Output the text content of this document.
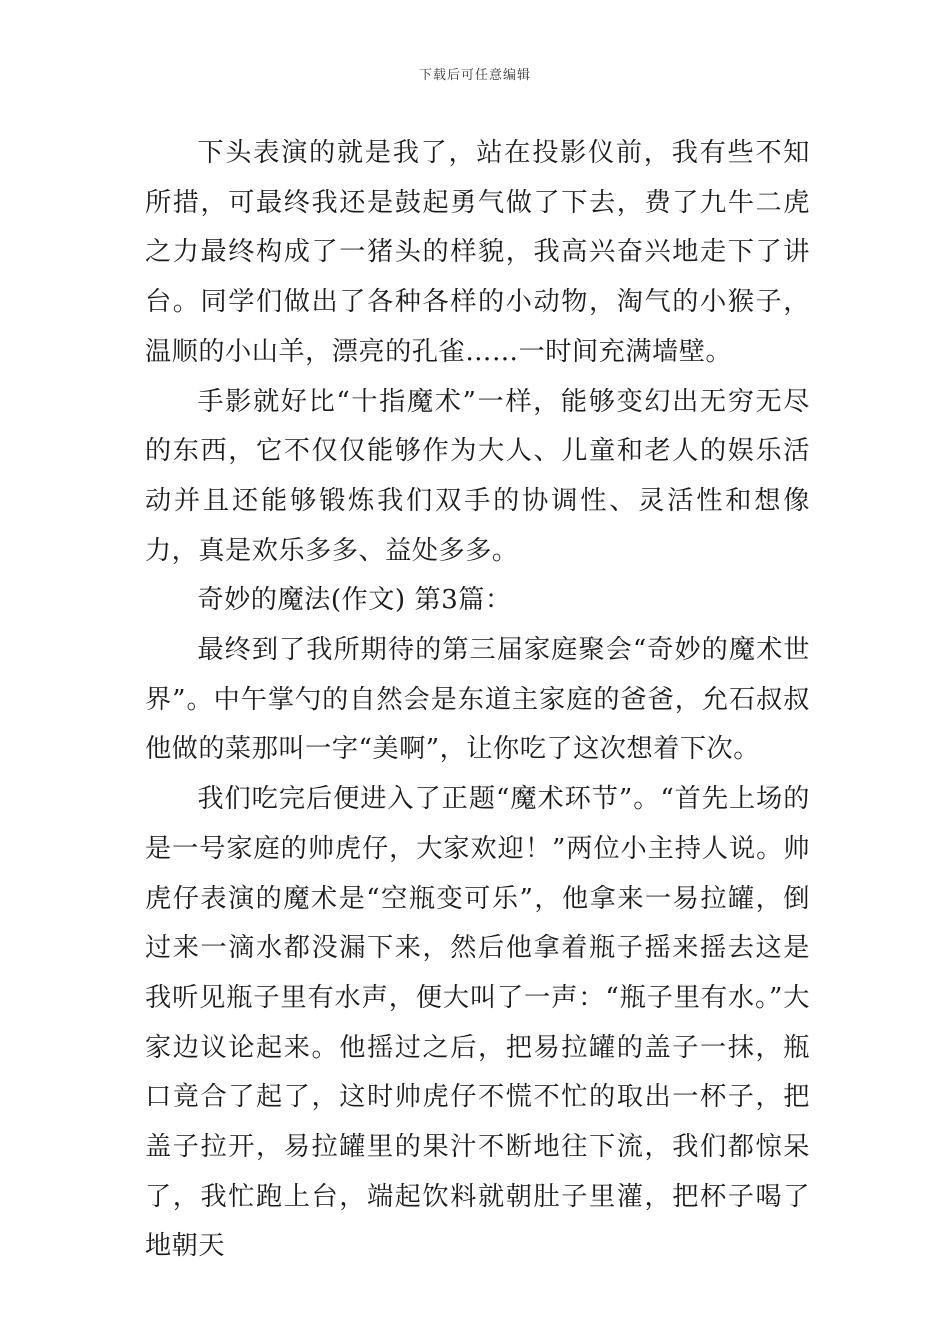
下载后可任意编辑

下头表演的就是我了，站在投影仪前，我有些不知所措，可最终我还是鼓起勇气做了下去，费了九牛二虎之力最终构成了一猪头的样貌，我高兴奋兴地走下了讲台。同学们做出了各种各样的小动物，淘气的小猴子，温顺的小山羊，漂亮的孔雀……一时间充满墙壁。

手影就好比“十指魔术”一样，能够变幻出无穷无尽的东西，它不仅仅能够作为大人、儿童和老人的娱乐活动并且还能够锻炼我们双手的协调性、灵活性和想像力，真是欢乐多多、益处多多。

奇妙的魔法(作文) 第3篇：

最终到了我所期待的第三届家庭聚会“奇妙的魔术世界”。中午掌勺的自然会是东道主家庭的爸爸，允石叔叔他做的菜那叫一字“美啊”，让你吃了这次想着下次。

我们吃完后便进入了正题“魔术环节”。“首先上场的是一号家庭的帅虎仔，大家欢迎！”两位小主持人说。帅虎仔表演的魔术是“空瓶变可乐”，他拿来一易拉罐，倒过来一滴水都没漏下来，然后他拿着瓶子摇来摇去这是我听见瓶子里有水声，便大叫了一声：“瓶子里有水。”大家边议论起来。他摇过之后，把易拉罐的盖子一抹，瓶口竟合了起了，这时帅虎仔不慌不忙的取出一杯子，把盖子拉开，易拉罐里的果汁不断地往下流，我们都惊呆了，我忙跑上台，端起饮料就朝肚子里灌，把杯子喝了地朝天
